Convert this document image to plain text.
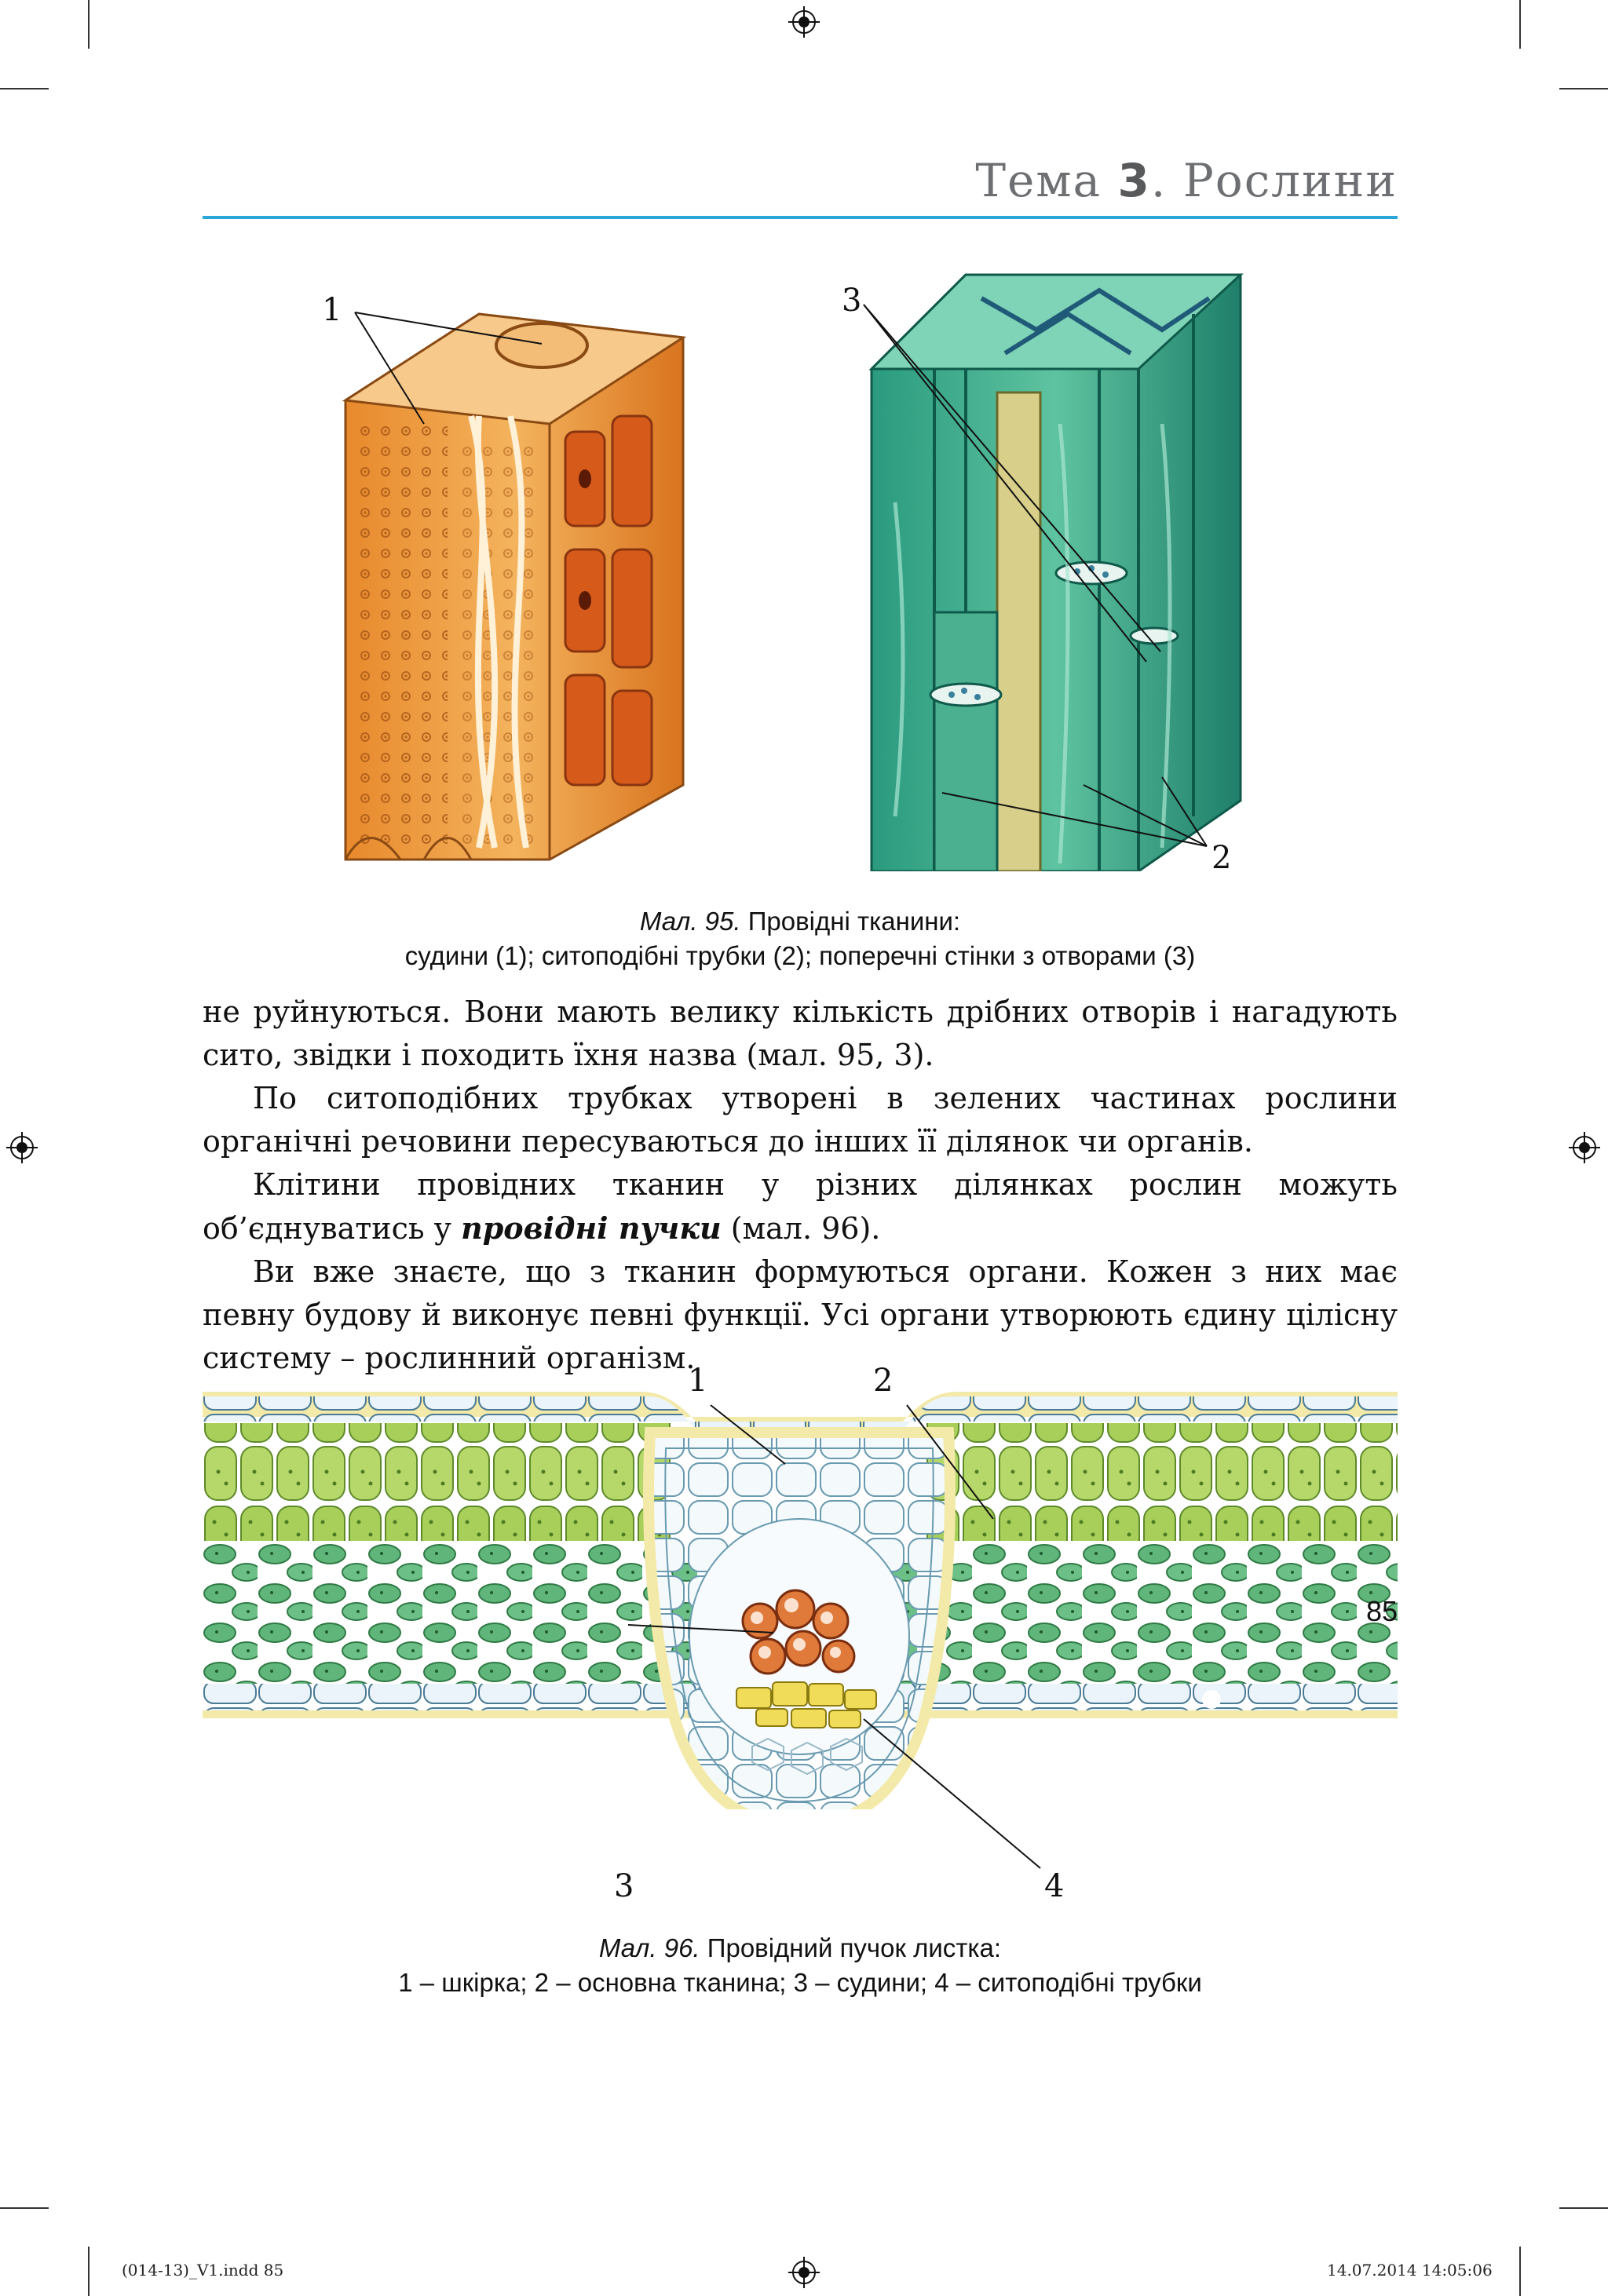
Тема 3. Рослини
1	3
2
Мал. 95. Провідні тканини:
судини (1); ситоподібні трубки (2); поперечні стінки з отворами (3)

не руйнуються. Вони мають велику кількість дрібних отворів і нагадують сито, звідки і походить їхня назва (мал. 95, 3).

По ситоподібних трубках утворені в зелених частинах рослини органічні речовини пересуваються до інших її ділянок чи органів.

Клітини провідних тканин у різних ділянках рослин можуть об’єднуватись у провідні пучки (мал. 96).

Ви вже знаєте, що з тканин формуються органи. Кожен з них має певну будову й виконує певні функції. Усі органи утворюють єдину цілісну систему – рослинний організм.

1	2
3	4
Мал. 96. Провідний пучок листка:
1 – шкірка; 2 – основна тканина; 3 – судини; 4 – ситоподібні трубки
85
(014-13)_V1.indd 85	14.07.2014 14:05:06
